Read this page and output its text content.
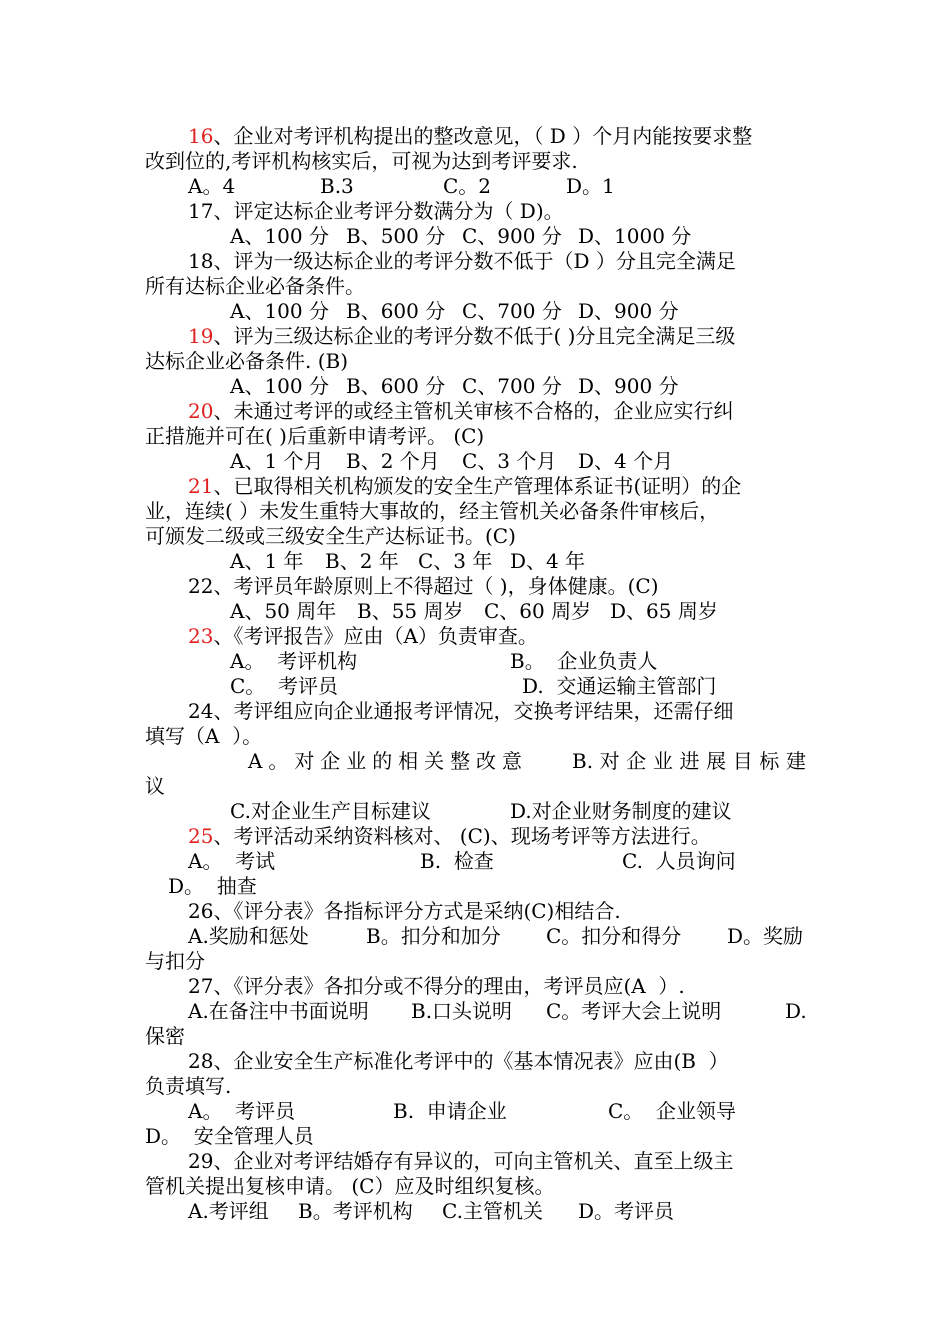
16、企业对考评机构提出的整改意见，（ D ）个月内能按要求整
改到位的,考评机构核实后，可视为达到考评要求.
A。4	B.3	C。2	D。1
17、评定达标企业考评分数满分为（ D)。
A、100 分 B、500 分 C、900 分 D、1000 分
18、评为一级达标企业的考评分数不低于（D ）分且完全满足
所有达标企业必备条件。
A、100 分 B、600 分 C、700 分 D、900 分
19、评为三级达标企业的考评分数不低于( )分且完全满足三级
达标企业必备条件. (B)
A、100 分 B、600 分 C、700 分 D、900 分
20、未通过考评的或经主管机关审核不合格的，企业应实行纠
正措施并可在( )后重新申请考评。 (C)
A、1 个月 B、2 个月 C、3 个月 D、4 个月
21、已取得相关机构颁发的安全生产管理体系证书(证明）的企
业，连续( ）未发生重特大事故的，经主管机关必备条件审核后，
可颁发二级或三级安全生产达标证书。(C)
A、1 年 B、2 年 C、3 年 D、4 年
22、考评员年龄原则上不得超过（ )，身体健康。(C)
A、50 周年 B、55 周岁 C、60 周岁 D、65 周岁
23、《考评报告》应由（A）负责审查。
A。  考评机构	B。  企业负责人
C。  考评员	D.  交通运输主管部门
24、考评组应向企业通报考评情况，交换考评结果，还需仔细
填写（A  ）。
A。对企业的相关整改意	B.对企业进展目标建
议
C.对企业生产目标建议	D.对企业财务制度的建议
25、考评活动采纳资料核对、 (C)、现场考评等方法进行。
A。  考试	B.  检查	C.  人员询问
D。  抽查
26、《评分表》各指标评分方式是采纳(C)相结合.
A.奖励和惩处	B。扣分和加分 C。扣分和得分 D。奖励
与扣分
27、《评分表》各扣分或不得分的理由，考评员应(A  ）.
A.在备注中书面说明 B.口头说明 C。考评大会上说明	D.
保密
28、企业安全生产标准化考评中的《基本情况表》应由(B  ）
负责填写.
A。  考评员	B.  申请企业	C。  企业领导
D。  安全管理人员
29、企业对考评结婚存有异议的，可向主管机关、直至上级主
管机关提出复核申请。 (C）应及时组织复核。
A.考评组 B。考评机构 C.主管机关 D。考评员
